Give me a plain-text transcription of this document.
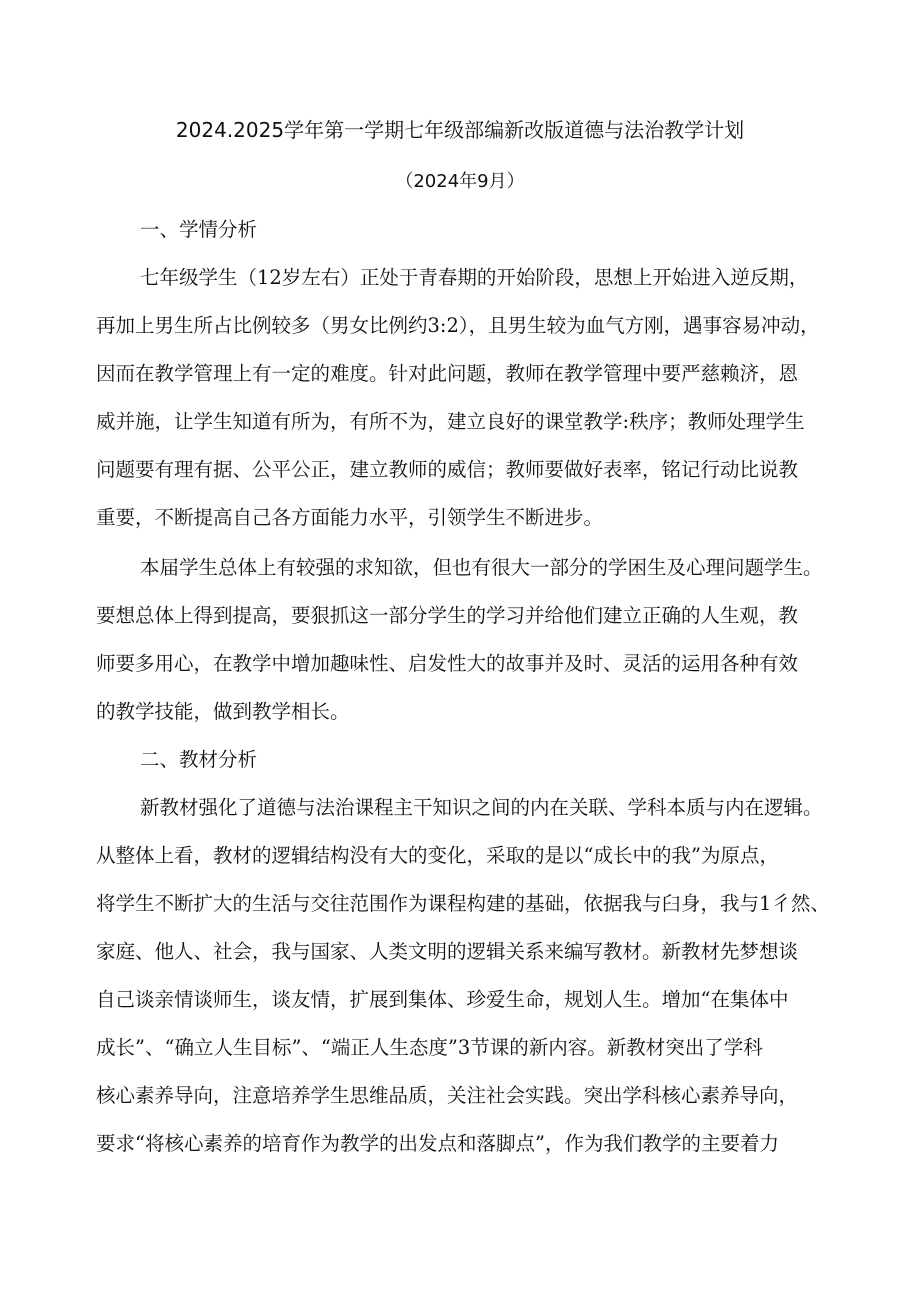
2024.2025学年第一学期七年级部编新改版道德与法治教学计划
（2024年9月）
一、学情分析
七年级学生（12岁左右）正处于青春期的开始阶段，思想上开始进入逆反期，
再加上男生所占比例较多（男女比例约3:2），且男生较为血气方刚，遇事容易冲动，
因而在教学管理上有一定的难度。针对此问题，教师在教学管理中要严慈赖济，恩
威并施，让学生知道有所为，有所不为，建立良好的课堂教学:秩序；教师处理学生
问题要有理有据、公平公正，建立教师的威信；教师要做好表率，铭记行动比说教
重要，不断提高自己各方面能力水平，引领学生不断进步。
本届学生总体上有较强的求知欲，但也有很大一部分的学困生及心理问题学生。
要想总体上得到提高，要狠抓这一部分学生的学习并给他们建立正确的人生观，教
师要多用心，在教学中增加趣味性、启发性大的故事并及时、灵活的运用各种有效
的教学技能，做到教学相长。
二、教材分析
新教材强化了道德与法治课程主干知识之间的内在关联、学科本质与内在逻辑。
从整体上看，教材的逻辑结构没有大的变化，采取的是以“成长中的我”为原点，
将学生不断扩大的生活与交往范围作为课程构建的基础，依据我与臼身，我与1彳然、
家庭、他人、社会，我与国家、人类文明的逻辑关系来编写教材。新教材先梦想谈
自己谈亲情谈师生，谈友情，扩展到集体、珍爱生命，规划人生。增加“在集体中
成长”、“确立人生目标”、“端正人生态度”3节课的新内容。新教材突出了学科
核心素养导向，注意培养学生思维品质，关注社会实践。突出学科核心素养导向，
要求“将核心素养的培育作为教学的出发点和落脚点”，作为我们教学的主要着力
